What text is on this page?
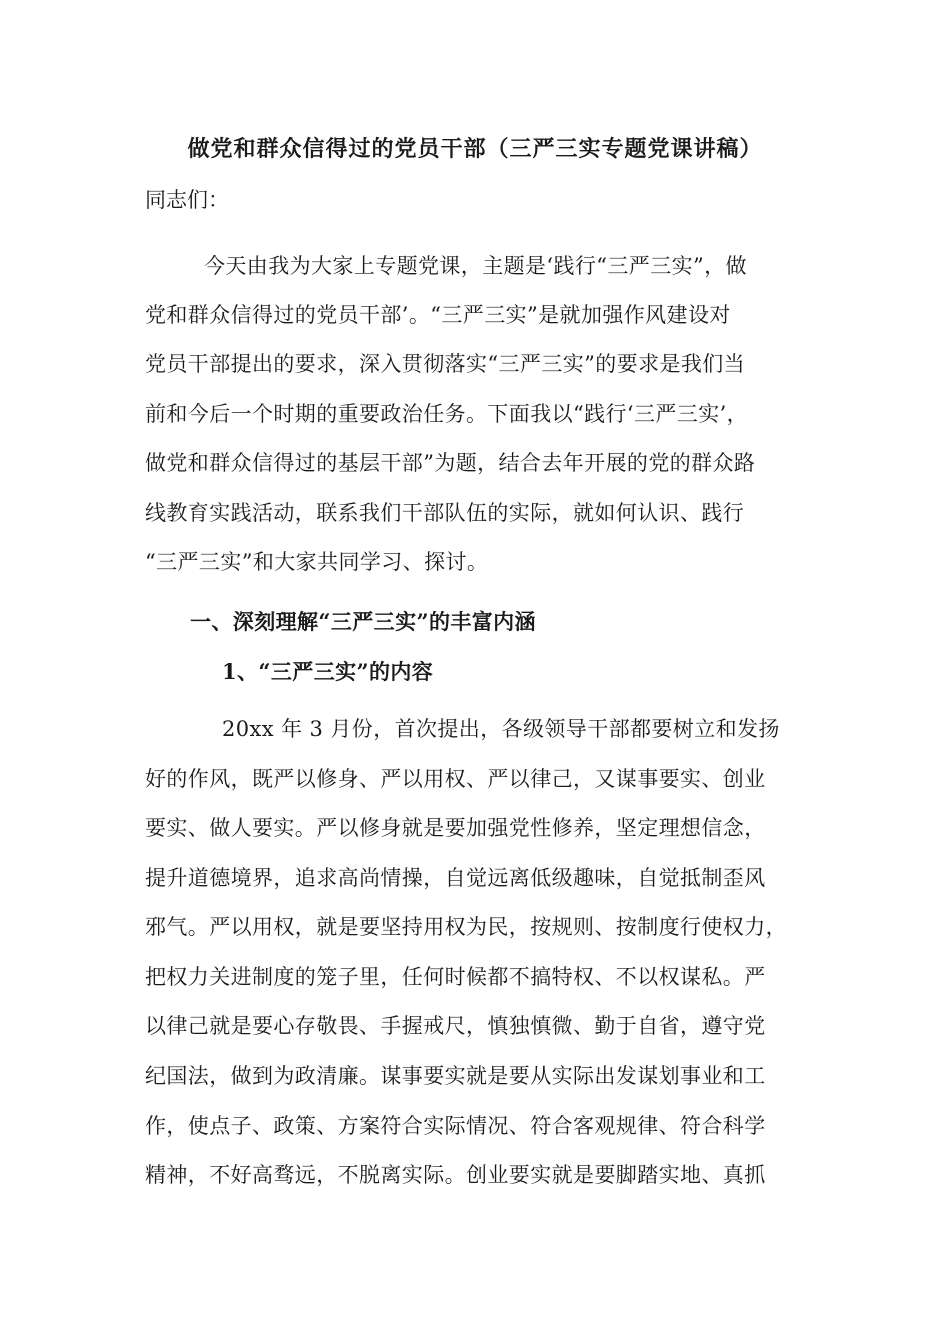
做党和群众信得过的党员干部（三严三实专题党课讲稿）

同志们：

今天由我为大家上专题党课，主题是‘践行“三严三实”，做

党和群众信得过的党员干部’。“三严三实”是就加强作风建设对

党员干部提出的要求，深入贯彻落实“三严三实”的要求是我们当

前和今后一个时期的重要政治任务。下面我以“践行‘三严三实’，

做党和群众信得过的基层干部”为题，结合去年开展的党的群众路

线教育实践活动，联系我们干部队伍的实际，就如何认识、践行

“三严三实”和大家共同学习、探讨。

一、深刻理解“三严三实”的丰富内涵
1、“三严三实”的内容

20xx 年 3 月份，首次提出，各级领导干部都要树立和发扬

好的作风，既严以修身、严以用权、严以律己，又谋事要实、创业

要实、做人要实。严以修身就是要加强党性修养，坚定理想信念，

提升道德境界，追求高尚情操，自觉远离低级趣味，自觉抵制歪风

邪气。严以用权，就是要坚持用权为民，按规则、按制度行使权力，

把权力关进制度的笼子里，任何时候都不搞特权、不以权谋私。严

以律己就是要心存敬畏、手握戒尺，慎独慎微、勤于自省，遵守党

纪国法，做到为政清廉。谋事要实就是要从实际出发谋划事业和工

作，使点子、政策、方案符合实际情况、符合客观规律、符合科学

精神，不好高骛远，不脱离实际。创业要实就是要脚踏实地、真抓
